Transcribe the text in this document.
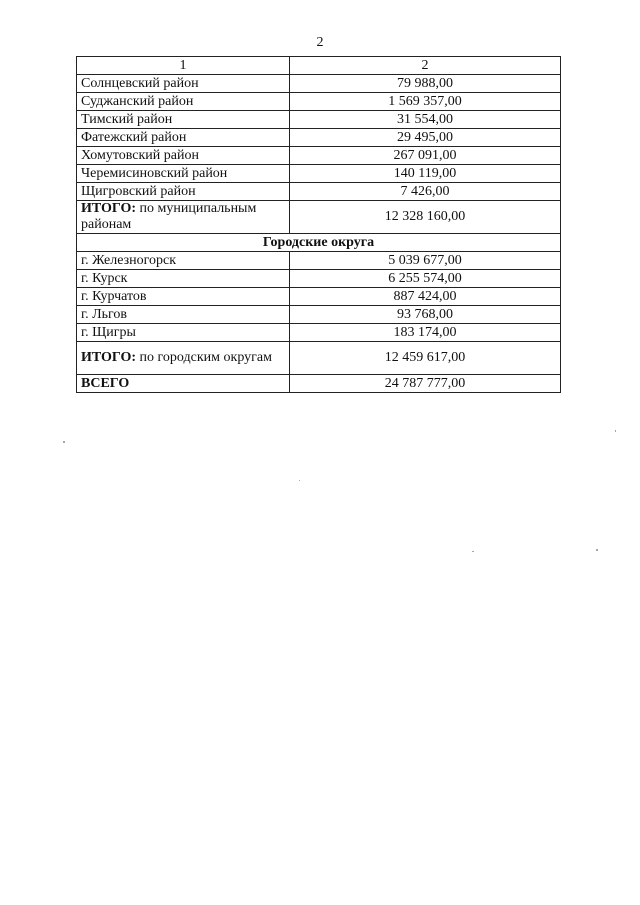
2
1	2
Солнцевский район	79 988,00
Суджанский район	1 569 357,00
Тимский район	31 554,00
Фатежский район	29 495,00
Хомутовский район	267 091,00
Черемисиновский район	140 119,00
Щигровский район	7 426,00
ИТОГО: по муниципальным районам	12 328 160,00
Городские округа	
г. Железногорск	5 039 677,00
г. Курск	6 255 574,00
г. Курчатов	887 424,00
г. Льгов	93 768,00
г. Щигры	183 174,00
ИТОГО: по городским округам	12 459 617,00
ВСЕГО	24 787 777,00
